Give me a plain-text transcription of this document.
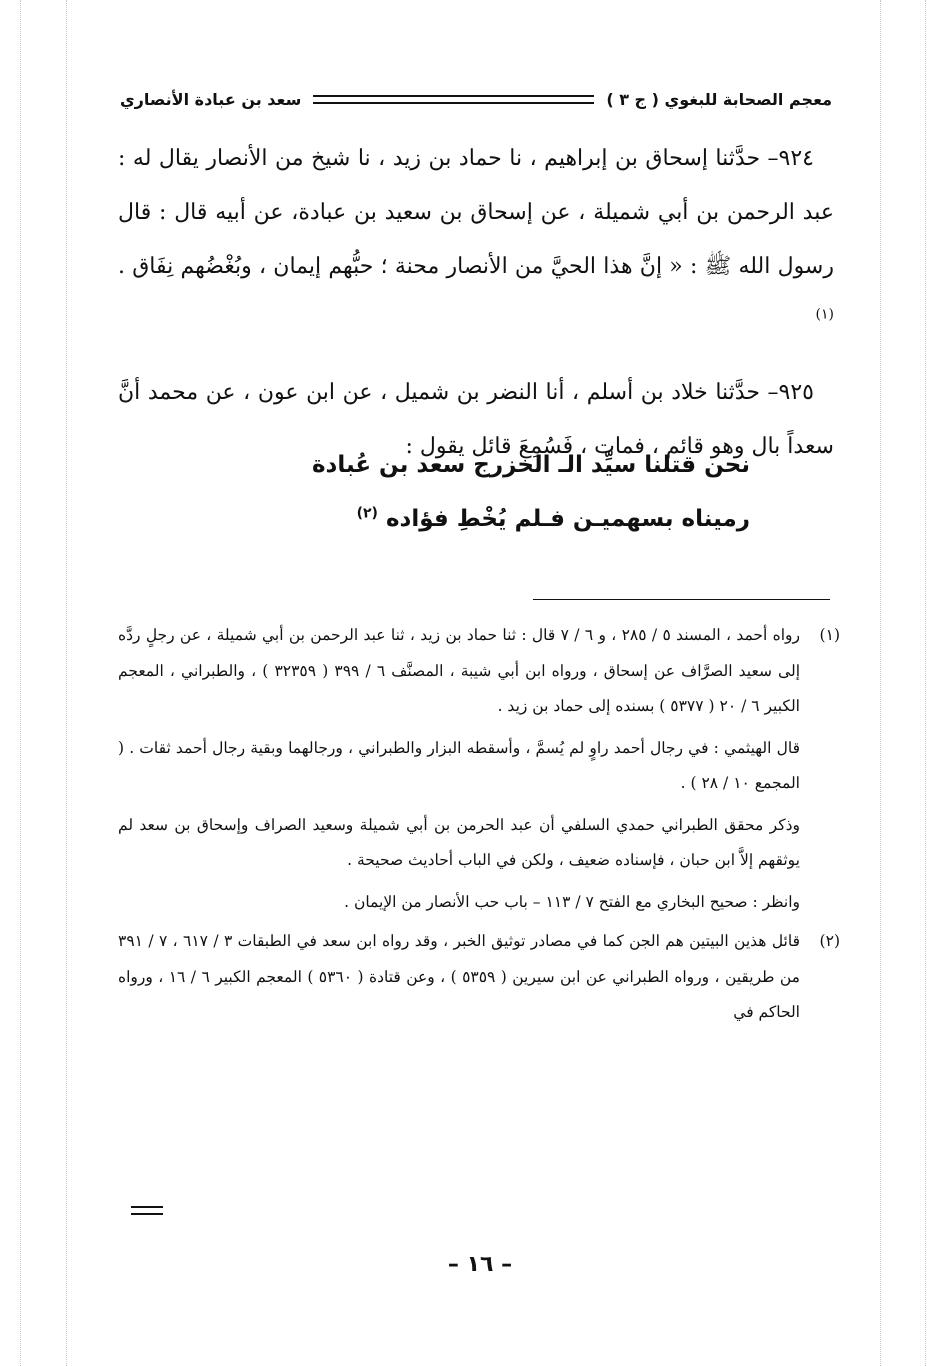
معجم الصحابة للبغوي ( ج ٣ )
سعد بن عبادة الأنصاري

٩٢٤– حدَّثنا إسحاق بن إبراهيم ، نا حماد بن زيد ، نا شيخ من الأنصار يقال له : عبد الرحمن بن أبي شميلة ، عن إسحاق بن سعيد بن عبادة، عن أبيه قال : قال رسول الله ﷺ : « إنَّ هذا الحيَّ من الأنصار محنة ؛ حبُّهم إيمان ، وبُغْضُهم نِفَاق . $^{(١)}$

٩٢٥– حدَّثنا خلاد بن أسلم ، أنا النضر بن شميل ، عن ابن عون ، عن محمد أنَّ سعداً بال وهو قائم ، فمات ، فَسُمِعَ قائل يقول :

نحن قتلنا سيِّد الـ الخزرج سعد بن عُبادة
رميناه بسهميـن فـلم يُخْطِ فؤاده $^{(٢)}$
(١)

رواه أحمد ، المسند ٥ / ٢٨٥ ، و ٦ / ٧ قال : ثنا حماد بن زيد ، ثنا عبد الرحمن بن أبي شميلة ، عن رجلٍ ردَّه إلى سعيد الصرَّاف عن إسحاق ، ورواه ابن أبي شيبة ، المصنَّف ٦ / ٣٩٩ ( ٣٢٣٥٩ ) ، والطبراني ، المعجم الكبير ٦ / ٢٠ ( ٥٣٧٧ ) بسنده إلى حماد بن زيد .

قال الهيثمي : في رجال أحمد راوٍ لم يُسمَّ ، وأسقطه البزار والطبراني ، ورجالهما وبقية رجال أحمد ثقات . ( المجمع ١٠ / ٢٨ ) .

وذكر محقق الطبراني حمدي السلفي أن عبد الحرمن بن أبي شميلة وسعيد الصراف وإسحاق بن سعد لم يوثقهم إلاَّ ابن حبان ، فإسناده ضعيف ، ولكن في الباب أحاديث صحيحة .

وانظر : صحيح البخاري مع الفتح ٧ / ١١٣ – باب حب الأنصار من الإيمان .

(٢)

قائل هذين البيتين هم الجن كما في مصادر توثيق الخبر ، وقد رواه ابن سعد في الطبقات ٣ / ٦١٧ ، ٧ / ٣٩١ من طريقين ، ورواه الطبراني عن ابن سيرين ( ٥٣٥٩ ) ، وعن قتادة ( ٥٣٦٠ ) المعجم الكبير ٦ / ١٦ ، ورواه الحاكم في

– ١٦ –
